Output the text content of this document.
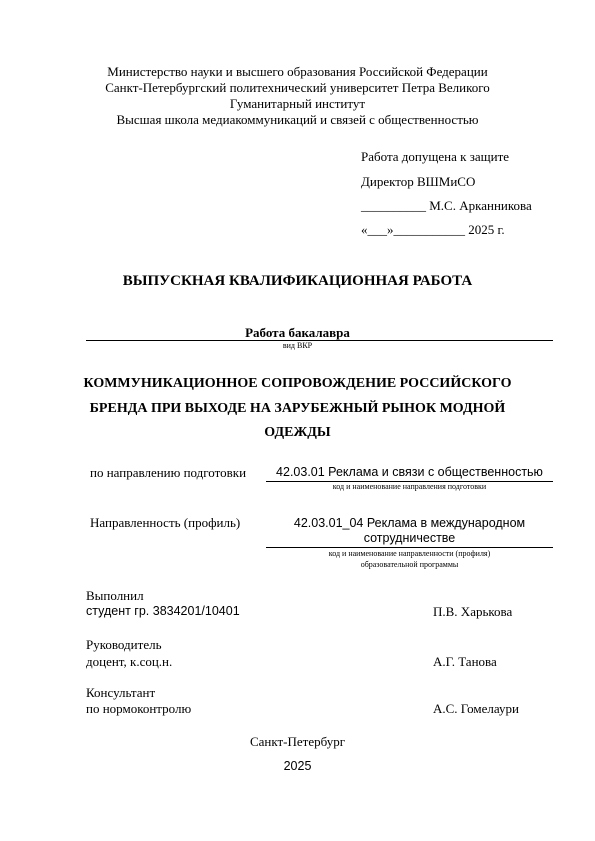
Министерство науки и высшего образования Российской Федерации
Санкт-Петербургский политехнический университет Петра Великого
Гуманитарный институт
Высшая школа медиакоммуникаций и связей с общественностью
Работа допущена к защите
Директор ВШМиСО
__________ М.С. Арканникова
«___»___________ 2025 г.
ВЫПУСКНАЯ КВАЛИФИКАЦИОННАЯ РАБОТА
Работа бакалавра
вид ВКР
КОММУНИКАЦИОННОЕ СОПРОВОЖДЕНИЕ РОССИЙСКОГО
БРЕНДА ПРИ ВЫХОДЕ НА ЗАРУБЕЖНЫЙ РЫНОК МОДНОЙ
ОДЕЖДЫ
по направлению подготовки	42.03.01 Реклама и связи с общественностью
код и наименование направления подготовки
Направленность (профиль)	42.03.01_04 Реклама в международном
сотрудничестве
код и наименование направленности (профиля)
образовательной программы
Выполнил
студент гр. 3834201/10401	П.В. Харькова
Руководитель
доцент, к.соц.н.	А.Г. Танова
Консультант
по нормоконтролю	А.С. Гомелаури
Санкт-Петербург
2025
